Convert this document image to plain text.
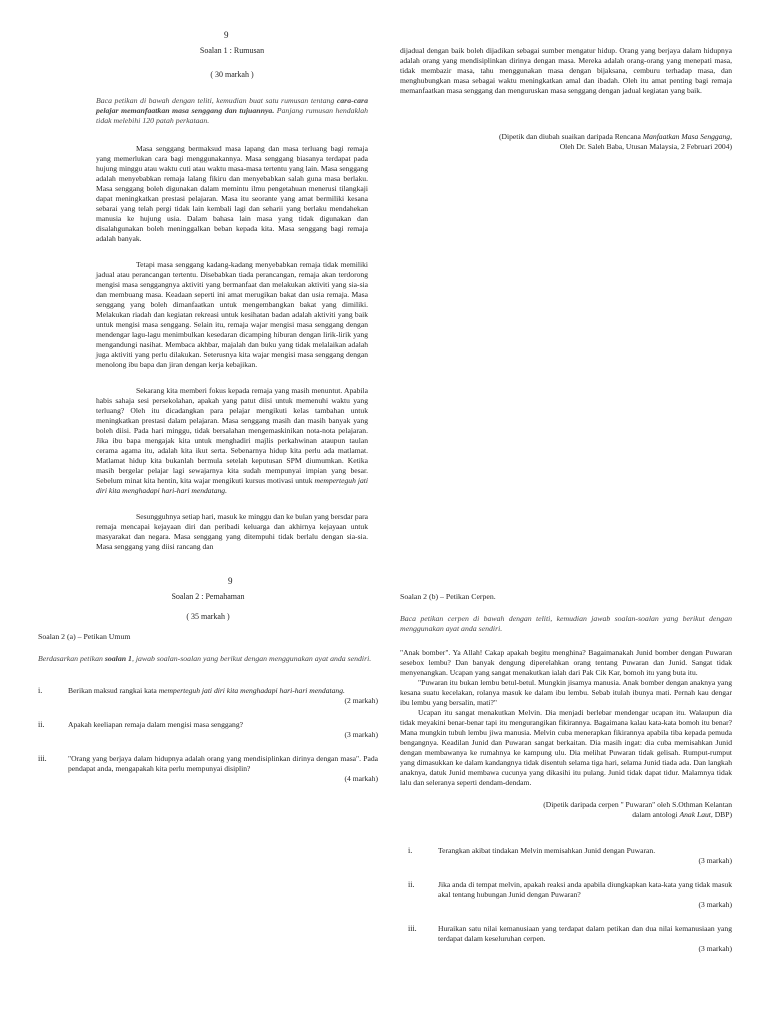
9

Soalan 1 : Rumusan

( 30 markah )

Baca petikan di bawah dengan teliti, kemudian buat satu rumusan tentang cara-cara pelajar memanfaatkan masa senggang dan tujuannya. Panjang rumusan hendaklah tidak melebihi 120 patah perkataan.

Masa senggang bermaksud masa lapang dan masa terluang bagi remaja yang memerlukan cara bagi menggunakannya. Masa senggang biasanya terdapat pada hujung minggu atau waktu cuti atau waktu masa-masa tertentu yang lain. Masa senggang adalah menyebabkan remaja lalang fikiru dan menyebabkan salah guna masa berlaku. Masa senggang boleh digunakan dalam memintu ilmu pengetahuan menerusi tilangkaji dapat meningkatkan prestasi pelajaran. Masa itu seorante yang amat bermiliki kesana sebarai yang telah pergi tidak lain kembali lagi dan seharii yang berlaku mendahekan manusia ke hujung usia. Dalam bahasa lain masa yang tidak digunakan dan disalahgunakan boleh meninggalkan beban kepada kita. Masa senggang bagi remaja adalah banyak.

Tetapi masa senggang kadang-kadang menyebabkan remaja tidak memiliki jadual atau perancangan tertentu. Disebabkan tiada perancangan, remaja akan terdorong mengisi masa senggangnya aktiviti yang bermanfaat dan melakukan aktiviti yang sia-sia dan membuang masa. Keadaan seperti ini amat merugikan bakat dan usia remaja. Masa senggang yang boleh dimanfaatkan untuk mengembangkan bakat yang dimiliki. Melakukan riadah dan kegiatan rekreasi untuk kesihatan badan adalah aktiviti yang baik untuk mengisi masa senggang. Selain itu, remaja wajar mengisi masa senggang dengan mendengar lagu-lagu menimbulkan kesedaran dicamping hiburan dengan lirik-lirik yang mengandungi nasihat. Membaca akhbar, majalah dan buku yang tidak melalaikan adalah juga aktiviti yang perlu dilakukan. Seterusnya kita wajar mengisi masa senggang dengan menolong ibu bapa dan jiran dengan kerja kebajikan.

Sekarang kita memberi fokus kepada remaja yang masih menuntut. Apabila habis sahaja sesi persekolahan, apakah yang patut diisi untuk memenuhi waktu yang terluang? Oleh itu dicadangkan para pelajar mengikuti kelas tambahan untuk meningkatkan prestasi dalam pelajaran. Masa senggang masih dan masih banyak yang boleh diisi. Pada hari minggu, tidak bersalahan mengemaskinikan nota-nota pelajaran. Jika ibu bapa mengajak kita untuk menghadiri majlis perkahwinan ataupun taulan cerama agama itu, adalah kita ikut serta. Sebenarnya hidup kita perlu ada matlamat. Matlamat hidup kita bukanlah bermula setelah keputusan SPM diumumkan. Ketika masih bergelar pelajar lagi sewajarnya kita sudah mempunyai impian yang besar. Sebelum minat kita hentin, kita wajar mengikuti kursus motivasi untuk memperteguh jati diri kita menghadapi hari-hari mendatang.

Sesungguhnya setiap hari, masuk ke minggu dan ke bulan yang bersdar para remaja mencapai kejayaan diri dan peribadi keluarga dan akhirnya kejayaan untuk masyarakat dan negara. Masa senggang yang ditempuhi tidak berlalu dengan sia-sia. Masa senggang yang diisi rancang dan

dijadual dengan baik boleh dijadikan sebagai sumber mengatur hidup. Orang yang berjaya dalam hidupnya adalah orang yang mendisiplinkan dirinya dengan masa. Mereka adalah orang-orang yang menepati masa, tidak membazir masa, tahu menggunakan masa dengan bijaksana, cemburu terhadap masa, dan menghubungkan masa sebagai waktu meningkatkan amal dan ibadah. Oleh itu amat penting bagi remaja memanfaatkan masa senggang dan menguruskan masa senggang dengan jadual kegiatan yang baik.

(Dipetik dan diubah suaikan daripada Rencana Manfaatkan Masa Senggang,
Oleh Dr. Saleh Baba, Utusan Malaysia, 2 Februari 2004)

9

Soalan 2 : Pemahaman

( 35 markah )

Soalan 2 (a) – Petikan Umum

Berdasarkan petikan soalan 1, jawab soalan-soalan yang berikut dengan menggunakan ayat anda sendiri.

i.	Berikan maksud rangkai kata memperteguh jati diri kita menghadapi hari-hari mendatang.
(2 markah)
ii.	Apakah keeliapan remaja dalam mengisi masa senggang?
(3 markah)
iii.	"Orang yang berjaya dalam hidupnya adalah orang yang mendisiplinkan dirinya dengan masa". Pada pendapat anda, mengapakah kita perlu mempunyai disiplin?
(4 markah)

Soalan 2 (b) – Petikan Cerpen.

Baca petikan cerpen di bawah dengan teliti, kemudian jawab soalan-soalan yang berikut dengan menggunakan ayat anda sendiri.

"Anak bomber". Ya Allah! Cakap apakah begitu menghina? Bagaimanakah Junid bomber dengan Puwaran sesebox lembu? Dan banyak dengung diperelahkan orang tentang Puwaran dan Junid. Sangat tidak menyenangkan. Ucapan yang sangat menakutkan ialah dari Pak Cik Kar, bomoh itu yang buta itu.

"Puwaran itu bukan lembu betul-betul. Mungkin jisamya manusia. Anak bomber dengan anaknya yang kesana suatu kecelakan, rolanya masuk ke dalam ibu lembu. Sebab itulah ibunya mati. Pernah kau dengar ibu lembu yang bersalin, mati?"

Ucapan itu sangat menakutkan Melvin. Dia menjadi berlebar mendengar ucapan itu. Walaupun dia tidak meyakini benar-benar tapi itu mengurangikan fikirannya. Bagaimana kalau kata-kata bomoh itu benar? Mana mungkin tubuh lembu jiwa manusia. Melvin cuba menerapkan fikirannya apabila tiba kepada pemuda bengangnya. Keadilan Junid dan Puwaran sangat berkaitan. Dia masih ingat: dia cuba memisahkan Junid dengan membawanya ke rumahnya ke kampung ulu. Dia melihat Puwaran tidak gelisah. Rumput-rumput yang dimasukkan ke dalam kandangnya tidak disentuh selama tiga hari, selama Junid tiada ada. Dan langkah anaknya, datuk Junid membawa cucunya yang dikasihi itu pulang. Junid tidak dapat tidur. Malamnya tidak lalu dan seleranya seperti dendam-dendam.

(Dipetik daripada cerpen " Puwaran" oleh S.Othman Kelantan
dalam antologi Anak Laut, DBP)

i.	Terangkan akibat tindakan Melvin memisahkan Junid dengan Puwaran.
(3 markah)
ii.	Jika anda di tempat melvin, apakah reaksi anda apabila diungkapkan kata-kata yang tidak masuk akal tentang hubungan Junid dengan Puwaran?
(3 markah)
iii.	Huraikan satu nilai kemanusiaan yang terdapat dalam petikan dan dua nilai kemanusiaan yang terdapat dalam keseluruhan cerpen.
(3 markah)
